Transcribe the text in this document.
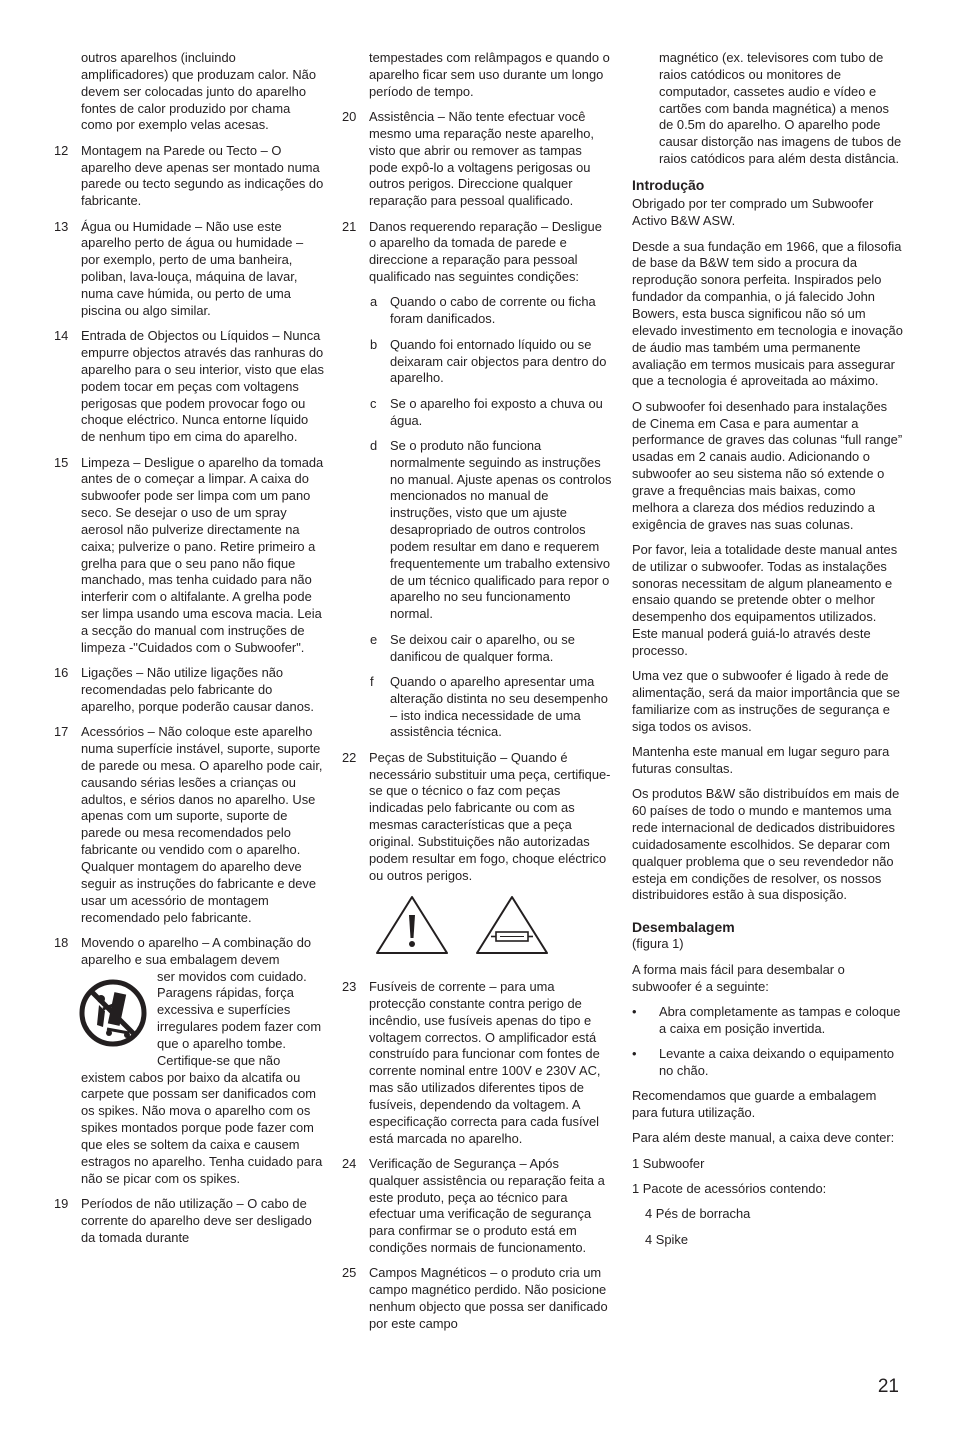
outros aparelhos (incluindo amplificadores) que produzam calor. Não devem ser colocadas junto do aparelho fontes de calor produzido por chama como por exemplo velas acesas.

12 Montagem na Parede ou Tecto – O aparelho deve apenas ser montado numa parede ou tecto segundo as indicações do fabricante.
13 Água ou Humidade – Não use este aparelho perto de água ou humidade – por exemplo, perto de uma banheira, poliban, lava-louça, máquina de lavar, numa cave húmida, ou perto de uma piscina ou algo similar.
14 Entrada de Objectos ou Líquidos – Nunca empurre objectos através das ranhuras do aparelho para o seu interior, visto que elas podem tocar em peças com voltagens perigosas que podem provocar fogo ou choque eléctrico. Nunca entorne líquido de nenhum tipo em cima do aparelho.
15 Limpeza – Desligue o aparelho da tomada antes de o começar a limpar. A caixa do subwoofer pode ser limpa com um pano seco. Se desejar o uso de um spray aerosol não pulverize directamente na caixa; pulverize o pano. Retire primeiro a grelha para que o seu pano não fique manchado, mas tenha cuidado para não interferir com o altifalante. A grelha pode ser limpa usando uma escova macia. Leia a secção do manual com instruções de limpeza -"Cuidados com o Subwoofer".
16 Ligações – Não utilize ligações não recomendadas pelo fabricante do aparelho, porque poderão causar danos.
17 Acessórios – Não coloque este aparelho numa superfície instável, suporte, suporte de parede ou mesa. O aparelho pode cair, causando sérias lesões a crianças ou adultos, e sérios danos no aparelho. Use apenas com um suporte, suporte de parede ou mesa recomendados pelo fabricante ou vendido com o aparelho. Qualquer montagem do aparelho deve seguir as instruções do fabricante e deve usar um acessório de montagem recomendado pelo fabricante.
18 Movendo o aparelho – A combinação do aparelho e sua embalagem devem
ser movidos com cuidado. Paragens rápidas, força excessiva e superfícies irregulares podem fazer com que o aparelho tombe. Certifique-se que não existem cabos por baixo da alcatifa ou carpete que possam ser danificados com os spikes. Não mova o aparelho com os spikes montados porque pode fazer com que eles se soltem da caixa e causem estragos no aparelho. Tenha cuidado para não se picar com os spikes.
19 Períodos de não utilização – O cabo de corrente do aparelho deve ser desligado da tomada durante

tempestades com relâmpagos e quando o aparelho ficar sem uso durante um longo período de tempo.

20 Assistência – Não tente efectuar você mesmo uma reparação neste aparelho, visto que abrir ou remover as tampas pode expô-lo a voltagens perigosas ou outros perigos. Direccione qualquer reparação para pessoal qualificado.
21 Danos requerendo reparação – Desligue o aparelho da tomada de parede e direccione a reparação para pessoal qualificado nas seguintes condições:
a Quando o cabo de corrente ou ficha foram danificados.
b Quando foi entornado líquido ou se deixaram cair objectos para dentro do aparelho.
c Se o aparelho foi exposto a chuva ou água.
d Se o produto não funciona normalmente seguindo as instruções no manual. Ajuste apenas os controlos mencionados no manual de instruções, visto que um ajuste desapropriado de outros controlos podem resultar em dano e requerem frequentemente um trabalho extensivo de um técnico qualificado para repor o aparelho no seu funcionamento normal.
e Se deixou cair o aparelho, ou se danificou de qualquer forma.
f Quando o aparelho apresentar uma alteração distinta no seu desempenho – isto indica necessidade de uma assistência técnica.
22 Peças de Substituição – Quando é necessário substituir uma peça, certifique-se que o técnico o faz com peças indicadas pelo fabricante ou com as mesmas características que a peça original. Substituições não autorizadas podem resultar em fogo, choque eléctrico ou outros perigos.

23 Fusíveis de corrente – para uma protecção constante contra perigo de incêndio, use fusíveis apenas do tipo e voltagem correctos. O amplificador está construído para funcionar com fontes de corrente nominal entre 100V e 230V AC, mas são utilizados diferentes tipos de fusíveis, dependendo da voltagem. A especificação correcta para cada fusível está marcada no aparelho.
24 Verificação de Segurança – Após qualquer assistência ou reparação feita a este produto, peça ao técnico para efectuar uma verificação de segurança para confirmar se o produto está em condições normais de funcionamento.
25 Campos Magnéticos – o produto cria um campo magnético perdido. Não posicione nenhum objecto que possa ser danificado por este campo

magnético (ex. televisores com tubo de raios catódicos ou monitores de computador, cassetes audio e vídeo e cartões com banda magnética) a menos de 0.5m do aparelho. O aparelho pode causar distorção nas imagens de tubos de raios catódicos para além desta distância.

Introdução

Obrigado por ter comprado um Subwoofer Activo B&W ASW.

Desde a sua fundação em 1966, que a filosofia de base da B&W tem sido a procura da reprodução sonora perfeita. Inspirados pelo fundador da companhia, o já falecido John Bowers, esta busca significou não só um elevado investimento em tecnologia e inovação de áudio mas também uma permanente avaliação em termos musicais para assegurar que a tecnologia é aproveitada ao máximo.

O subwoofer foi desenhado para instalações de Cinema em Casa e para aumentar a performance de graves das colunas “full range” usadas em 2 canais audio. Adicionando o subwoofer ao seu sistema não só extende o grave a frequências mais baixas, como melhora a clareza dos médios reduzindo a exigência de graves nas suas colunas.

Por favor, leia a totalidade deste manual antes de utilizar o subwoofer. Todas as instalações sonoras necessitam de algum planeamento e ensaio quando se pretende obter o melhor desempenho dos equipamentos utilizados. Este manual poderá guiá-lo através deste processo.

Uma vez que o subwoofer é ligado à rede de alimentação, será da maior importância que se familiarize com as instruções de segurança e siga todos os avisos.

Mantenha este manual em lugar seguro para futuras consultas.

Os produtos B&W são distribuídos em mais de 60 países de todo o mundo e mantemos uma rede internacional de dedicados distribuidores cuidadosamente escolhidos. Se deparar com qualquer problema que o seu revendedor não esteja em condições de resolver, os nossos distribuidores estão à sua disposição.

Desembalagem

(figura 1)

A forma mais fácil para desembalar o subwoofer é a seguinte:

• Abra completamente as tampas e coloque a caixa em posição invertida.
• Levante a caixa deixando o equipamento no chão.

Recomendamos que guarde a embalagem para futura utilização.

Para além deste manual, a caixa deve conter:

1 Subwoofer

1 Pacote de acessórios contendo:

4 Pés de borracha

4 Spike

21
